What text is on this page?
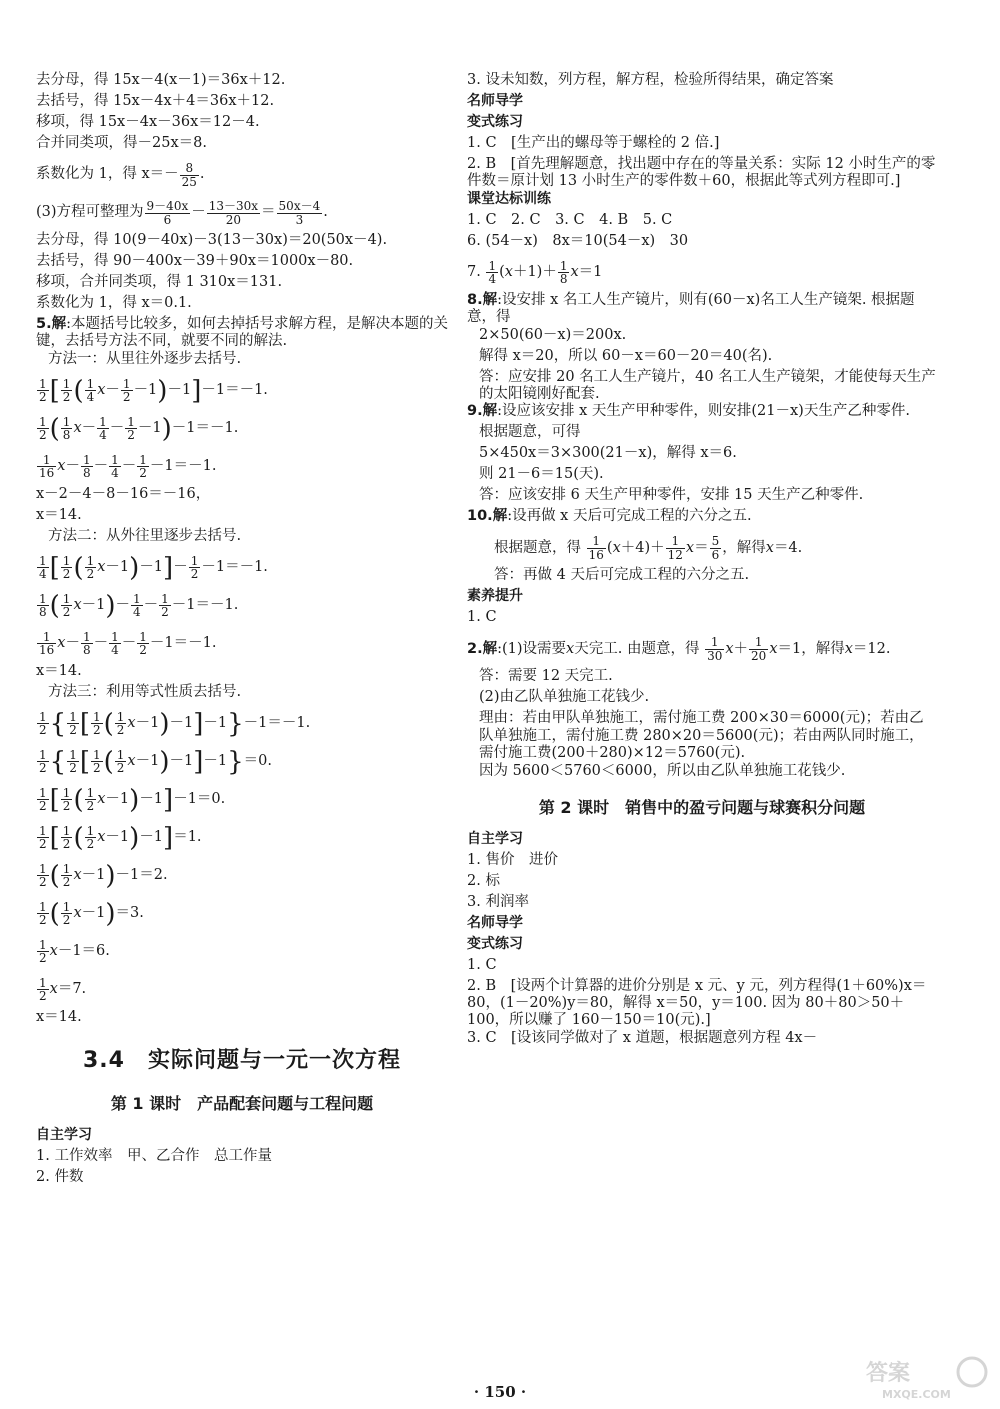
去分母，得 15x－4(x－1)＝36x＋12.

去括号，得 15x－4x＋4＝36x＋12.

移项，得 15x－4x－36x＝12－4.

合并同类项，得－25x＝8.

系数化为 1，得 $x=- \frac{8}{25}$ .
(3)方程可整理为 $\frac{9-40x}{6} - \frac{13-30x}{20} = \frac{50x-4}{3}$ .

去分母，得 10(9－40x)－3(13－30x)＝20(50x－4).

去括号，得 90－400x－39＋90x＝1000x－80.

移项，合并同类项，得 1 310x＝131.

系数化为 1，得 x＝0.1.

5.解:本题括号比较多，如何去掉括号求解方程，是解决本题的关键，去括号方法不同，就要不同的解法.

方法一：从里往外逐步去括号.

$\frac{1}{2}$ [ $\frac{1}{2}$ ( $\frac{1}{4}$ $x - \frac{1}{2} -1$ ) －1 ] －1＝－1.
$\frac{1}{2}$ ( $\frac{1}{8}$ $x - \frac{1}{4} - \frac{1}{2} -1$ ) －1＝－1.
$\frac{1}{16}$ $x - \frac{1}{8} - \frac{1}{4} - \frac{1}{2} -1=-1$.

x－2－4－8－16＝－16，

x＝14.

方法二：从外往里逐步去括号.

$\frac{1}{4}$ [ $\frac{1}{2}$ ( $\frac{1}{2}$ x －1 ) －1 ] － $\frac{1}{2} -1=-1$.
$\frac{1}{8}$ ( $\frac{1}{2}$ x －1 ) － $\frac{1}{4} - \frac{1}{2} -1=-1$.
$\frac{1}{16}$ $x - \frac{1}{8} - \frac{1}{4} - \frac{1}{2} -1=-1$.

x＝14.

方法三：利用等式性质去括号.

$\frac{1}{2}$ { $\frac{1}{2}$ [ $\frac{1}{2}$ ( $\frac{1}{2}$ x －1 ) －1 ] －1 } －1＝－1.
$\frac{1}{2}$ { $\frac{1}{2}$ [ $\frac{1}{2}$ ( $\frac{1}{2}$ x －1 ) －1 ] －1 } ＝0.
$\frac{1}{2}$ [ $\frac{1}{2}$ ( $\frac{1}{2}$ x －1 ) －1 ] －1＝0.
$\frac{1}{2}$ [ $\frac{1}{2}$ ( $\frac{1}{2}$ x －1 ) －1 ] ＝1.
$\frac{1}{2}$ ( $\frac{1}{2}$ x －1 ) －1＝2.
$\frac{1}{2}$ ( $\frac{1}{2}$ x －1 ) ＝3.
$\frac{1}{2}$ x －1＝6.
$\frac{1}{2}$ x ＝7.

x＝14.

3.4　实际问题与一元一次方程
第 1 课时　产品配套问题与工程问题

自主学习

1. 工作效率　甲、乙合作　总工作量

2. 件数

3. 设未知数，列方程，解方程，检验所得结果，确定答案

名师导学

变式练习

1. C　[生产出的螺母等于螺栓的 2 倍.]

2. B　[首先理解题意，找出题中存在的等量关系：实际 12 小时生产的零件数＝原计划 13 小时生产的零件数＋60，根据此等式列方程即可.]

课堂达标训练

1. C　2. C　3. C　4. B　5. C

6. (54－x)　8x＝10(54－x)　30

7. $\frac{1}{4}$ ( $x +1)+ \frac{1}{8}$ x ＝1

8.解:设安排 x 名工人生产镜片，则有(60－x)名工人生产镜架. 根据题意，得

2×50(60－x)＝200x.

解得 x＝20，所以 60－x＝60－20＝40(名).

答：应安排 20 名工人生产镜片，40 名工人生产镜架，才能使每天生产的太阳镜刚好配套.

9.解:设应该安排 x 天生产甲种零件，则安排(21－x)天生产乙种零件.

根据题意，可得

5×450x＝3×300(21－x)，解得 x＝6.

则 21－6＝15(天).

答：应该安排 6 天生产甲种零件，安排 15 天生产乙种零件.

10.解:设再做 x 天后可完成工程的六分之五.

根据题意，得 $\frac{1}{16}$ ( $x +4)+ \frac{1}{12}$ $x = \frac{5}{6}$ ，解得 x ＝4.

答：再做 4 天后可完成工程的六分之五.

素养提升

1. C

2. 解 :(1)设需要 x 天完工. 由题意，得 $\frac{1}{30}$ $x + \frac{1}{20}$ x ＝1，解得 x ＝12.

答：需要 12 天完工.

(2)由乙队单独施工花钱少.

理由：若由甲队单独施工，需付施工费 200×30＝6000(元)；若由乙队单独施工，需付施工费 280×20＝5600(元)；若由两队同时施工，需付施工费(200＋280)×12＝5760(元).

因为 5600＜5760＜6000，所以由乙队单独施工花钱少.

第 2 课时　销售中的盈亏问题与球赛积分问题

自主学习

1. 售价　进价

2. 标

3. 利润率

名师导学

变式练习

1. C

2. B　[设两个计算器的进价分别是 x 元、y 元，列方程得(1＋60%)x＝80，(1－20%)y＝80，解得 x＝50，y＝100. 因为 80＋80＞50＋100，所以赚了 160－150＝10(元).]

3. C　[设该同学做对了 x 道题，根据题意列方程 4x－

· 150 ·
答案
MXQE.COM
